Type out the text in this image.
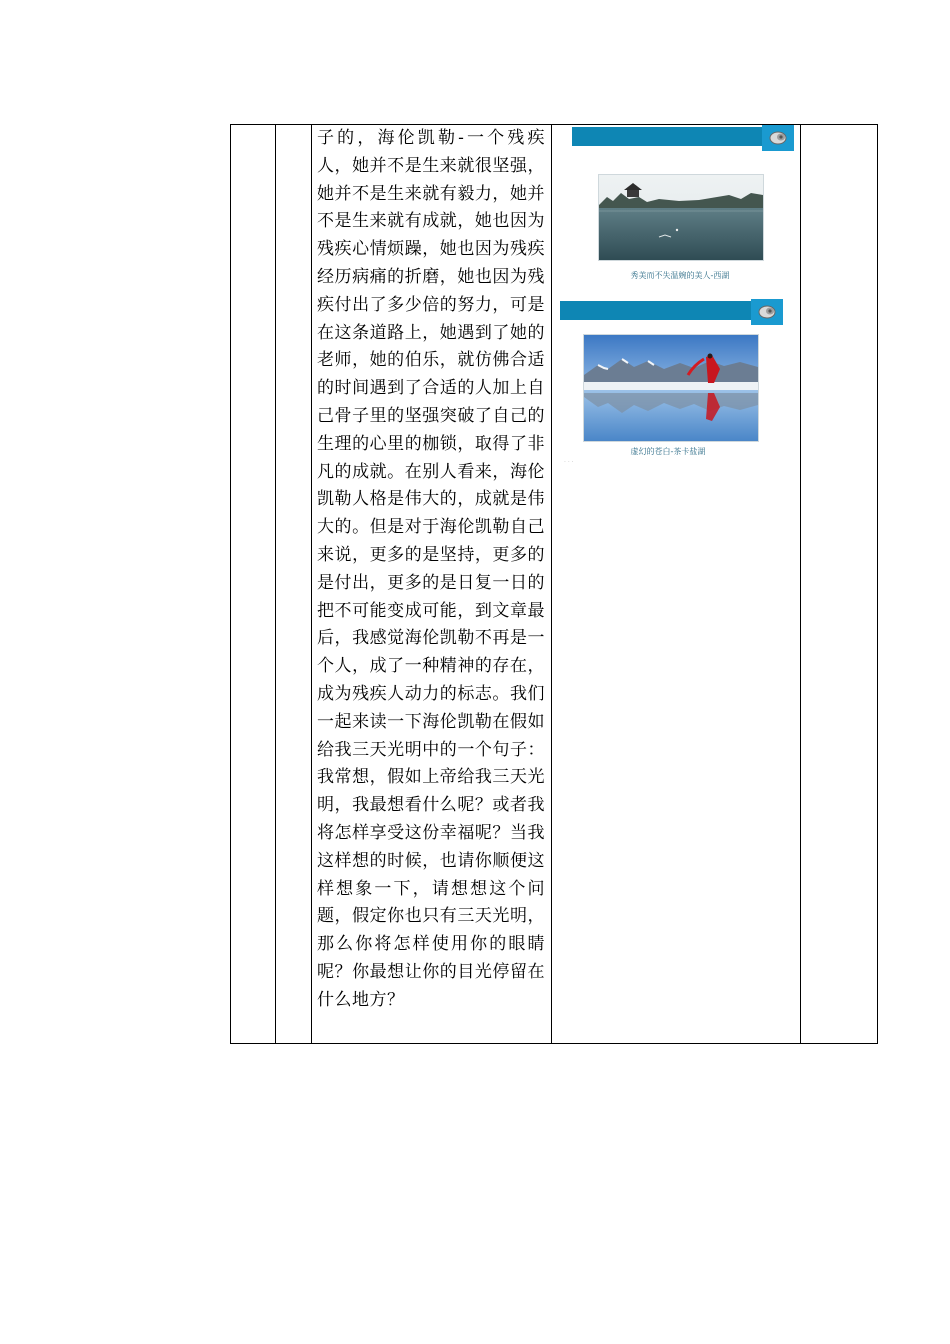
子的，海伦凯勒-一个残疾人，她并不是生来就很坚强，她并不是生来就有毅力，她并不是生来就有成就，她也因为残疾心情烦躁，她也因为残疾经历病痛的折磨，她也因为残疾付出了多少倍的努力，可是在这条道路上，她遇到了她的老师，她的伯乐，就仿佛合适的时间遇到了合适的人加上自己骨子里的坚强突破了自己的生理的心里的枷锁，取得了非凡的成就。在别人看来，海伦凯勒人格是伟大的，成就是伟大的。但是对于海伦凯勒自己来说，更多的是坚持，更多的是付出，更多的是日复一日的把不可能变成可能，到文章最后，我感觉海伦凯勒不再是一个人，成了一种精神的存在，成为残疾人动力的标志。我们一起来读一下海伦凯勒在假如给我三天光明中的一个句子：我常想，假如上帝给我三天光明，我最想看什么呢？或者我将怎样享受这份幸福呢？当我这样想的时候，也请你顺便这样想象一下，请想想这个问题，假定你也只有三天光明，那么你将怎样使用你的眼睛呢？你最想让你的目光停留在什么地方？

秀美而不失温婉的美人-西湖
虚幻的苍白-茶卡盐湖
· · ·
